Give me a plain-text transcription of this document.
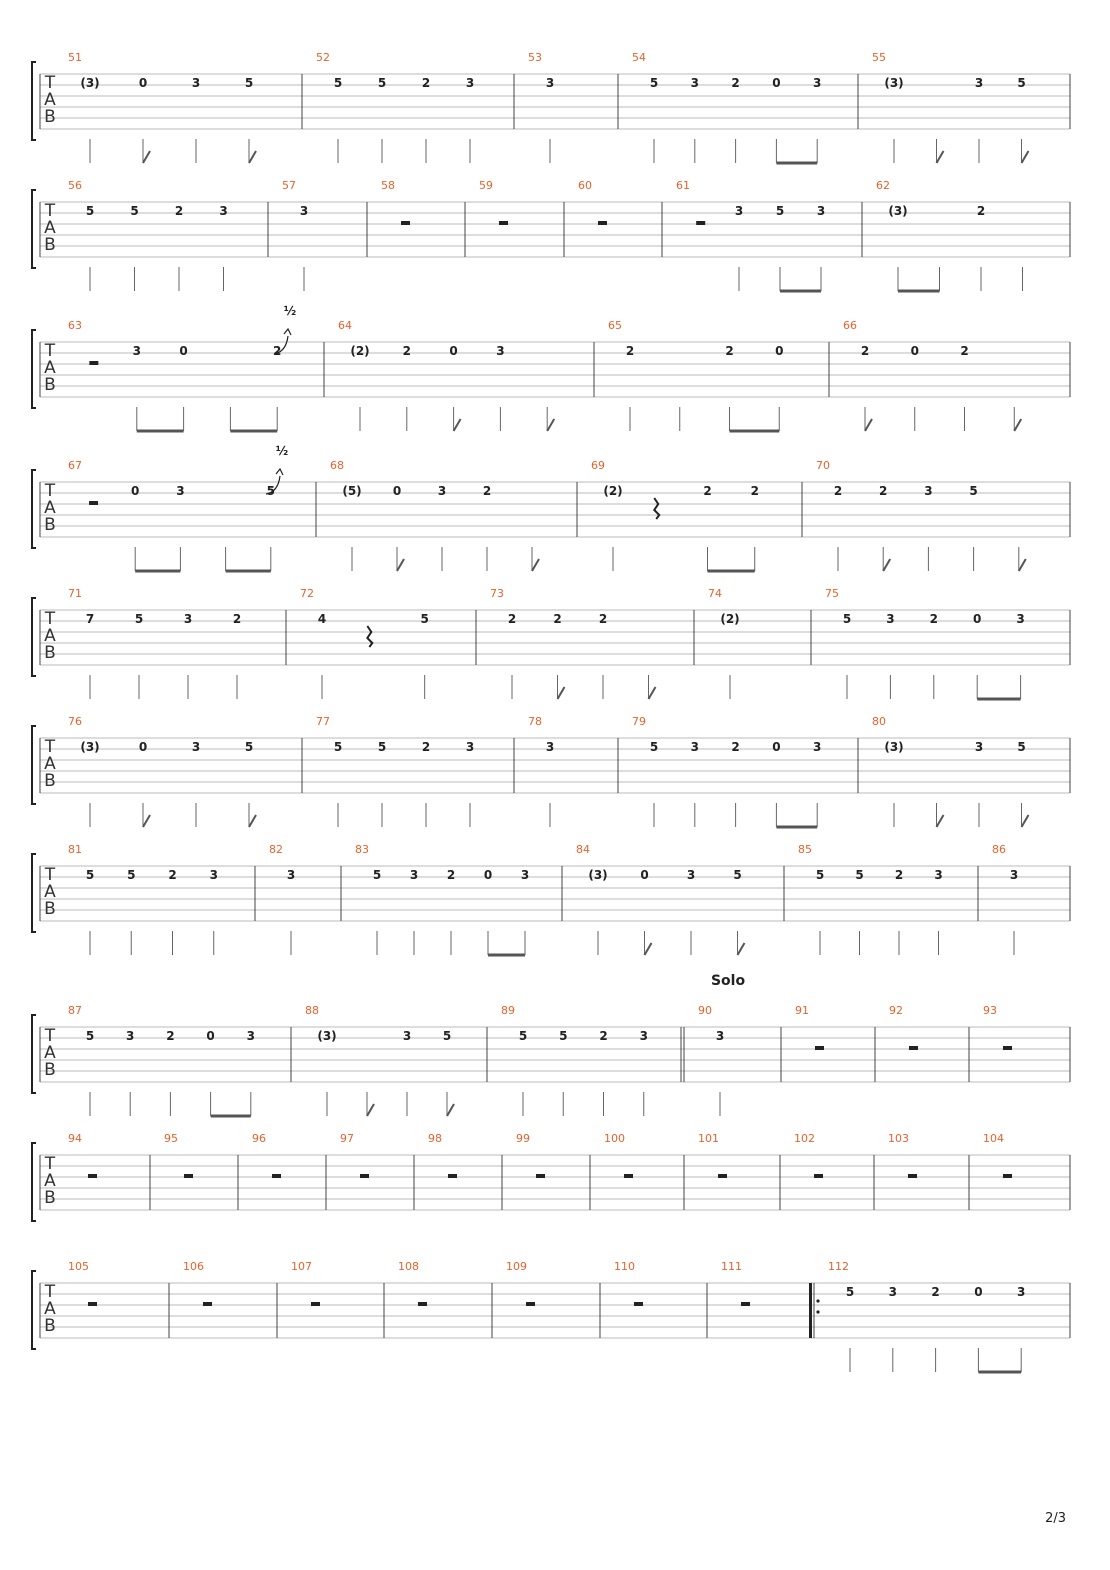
T
A
B
51
(3)	0	3	5
52
5	5	2	3
53
3
54
5	3	2	0	3
55
(3)	3	5
T
A
B
56
5	5	2	3
57
3
58	59	60	61
3	5	3
62
(3)	2
T
A
B
63
3	0	2
½
64
(2)	2	0	3
65
2	2	0
66
2	0	2
T
A
B
67
0	3	5
½
68
(5)	0	3	2
69
(2)	2	2
70
2	2	3	5
T
A
B
71
7	5	3	2
72
4	5
73
2	2	2
74
(2)
75
5	3	2	0	3
T
A
B
76
(3)	0	3	5
77
5	5	2	3
78
3
79
5	3	2	0	3
80
(3)	3	5
T
A
B
81
5	5	2	3
82
3
83
5 3 2 0 3
84
(3)	0	3	5
85
5	5	2	3
86
3
T
A
B
87
5	3	2	0	3
88
(3)	3	5
89
5	5	2	3
90
3
91	92	93
T
A
B
94	95	96	97	98	99	100	101	102	103	104
T
A
B
105	106	107	108	109	110	111	112
5	3	2	0	3
Solo
2/3
